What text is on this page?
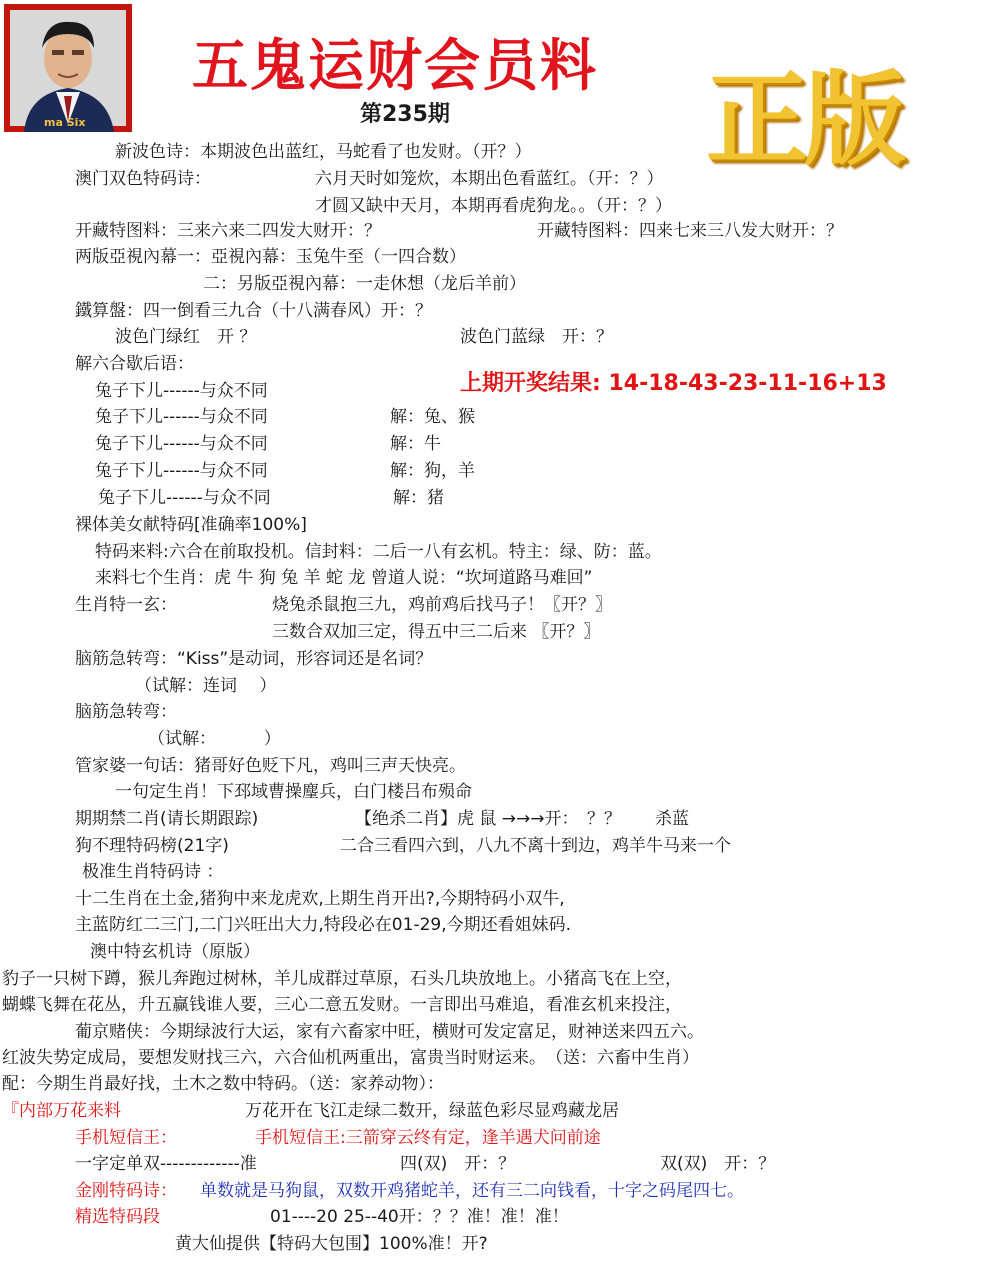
ma Six
五鬼运财会员料
第235期	正版
上期开奖结果: 14-18-43-23-11-16+13
新波色诗：本期波色出蓝红，马蛇看了也发财。（开？）
澳门双色特码诗：	六月天时如笼炊，本期出色看蓝红。（开：？）
才圆又缺中天月，本期再看虎狗龙。。（开：？）
开藏特图料：三来六来二四发大财开：？	开藏特图料：四来七来三八发大财开：？
两版亞視內幕一：亞視內幕：玉兔牛至（一四合数）
二：另版亞視內幕：一走休想（龙后羊前）
鐵算盤：四一倒看三九合（十八满春风）开：？
波色门绿红　开 ？	波色门蓝绿　开：？
解六合歇后语：
兔子下儿------与众不同
兔子下儿------与众不同	解：兔、猴
兔子下儿------与众不同	解：牛
兔子下儿------与众不同	解：狗，羊
兔子下儿------与众不同	解：猪
裸体美女献特码[准确率100%]
特码来料:六合在前取投机。信封料：二后一八有玄机。特主：绿、防：蓝。
来料七个生肖：虎 牛 狗 兔 羊 蛇 龙 曾道人说：“坎坷道路马难回”
生肖特一玄：	烧兔杀鼠抱三九，鸡前鸡后找马子！〖开？〗
三数合双加三定，得五中三二后来 〖开？〗
脑筋急转弯：“Kiss”是动词，形容词还是名词？
（试解：连词　 ）
脑筋急转弯：
（试解：　　　 ）
管家婆一句话：猪哥好色贬下凡，鸡叫三声天快亮。
一句定生肖！下邳域曹操麈兵，白门楼吕布殒命
期期禁二肖(请长期跟踪)	【绝杀二肖】虎 鼠 →→→开：　？？　　杀蓝
狗不理特码榜(21字)	二合三看四六到，八九不离十到边，鸡羊牛马来一个
极准生肖特码诗 ：
十二生肖在土金,猪狗中来龙虎欢,上期生肖开出?,今期特码小双牛,
主蓝防红二三门,二门兴旺出大力,特段必在01-29,今期还看姐妹码.
澳中特玄机诗（原版）
豹子一只树下蹲，猴儿奔跑过树林，羊儿成群过草原，石头几块放地上。小猪高飞在上空，
蝴蝶飞舞在花丛，升五赢钱谁人要，三心二意五发财。一言即出马难追，看准玄机来投注，
葡京赌侠：今期绿波行大运，家有六畜家中旺，横财可发定富足，财神送来四五六。
红波失势定成局，要想发财找三六，六合仙机两重出，富贵当时财运来。　（送：六畜中生肖）
配：今期生肖最好找，土木之数中特码。（送：家养动物）：
『内部万花来料	万花开在飞江走绿二数开，绿蓝色彩尽显鸡藏龙居
手机短信王：	手机短信王:三箭穿云终有定，逢羊遇犬问前途
一字定单双-------------准	四(双)　开：？	双(双)　开：？
金刚特码诗： 单数就是马狗鼠，双数开鸡猪蛇羊，还有三二向钱看，十字之码尾四七。
精选特码段	01----20 25--40开：？？准！准！准！
黄大仙提供【特码大包围】100%准！开?
